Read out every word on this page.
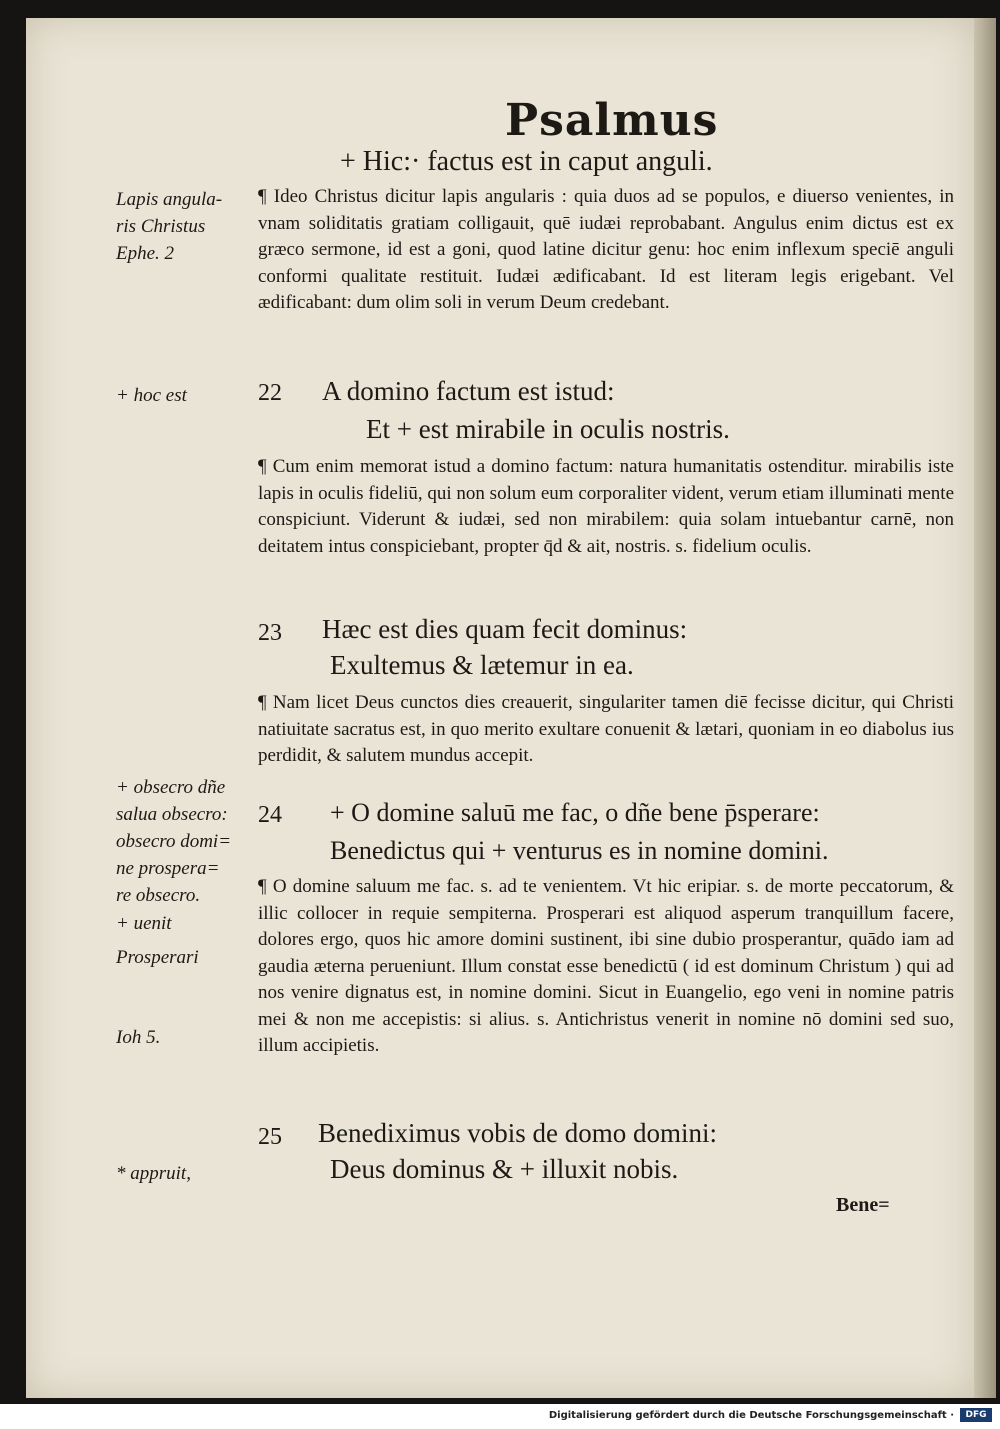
Psalmus
+ Hic:· factus est in caput anguli.
Lapis angula-
ris Christus
Ephe. 2
+ hoc est
+ obsecro dñe
salua obsecro:
obsecro domi=
ne prospera=
re obsecro.
+ uenit
Prosperari
Ioh 5.
* appruit,
¶ Ideo Christus dicitur lapis angularis : quia duos ad se populos, e diuerso venientes, in vnam soliditatis gratiam colligauit, quē iudæi reprobabant. Angulus enim dictus est ex græco sermone, id est a goni, quod latine dicitur genu: hoc enim inflexum speciē anguli conformi qualitate restituit. Iudæi ædificabant. Id est literam legis erigebant. Vel ædificabant: dum olim soli in verum Deum credebant.
22 A domino factum est istud:
Et + est mirabile in oculis nostris.
¶ Cum enim memorat istud a domino factum: natura humanitatis ostenditur. mirabilis iste lapis in oculis fideliū, qui non solum eum corporaliter vident, verum etiam illuminati mente conspiciunt. Viderunt & iudæi, sed non mirabilem: quia solam intuebantur carnē, non deitatem intus conspiciebant, propter q̄d & ait, nostris. s. fidelium oculis.
23 Hæc est dies quam fecit dominus:
Exultemus & lætemur in ea.
¶ Nam licet Deus cunctos dies creauerit, singulariter tamen diē fecisse dicitur, qui Christi natiuitate sacratus est, in quo merito exultare conuenit & lætari, quoniam in eo diabolus ius perdidit, & salutem mundus accepit.
24 + O domine saluū me fac, o dñe bene p̄sperare:
Benedictus qui + venturus es in nomine domini.
¶ O domine saluum me fac. s. ad te venientem. Vt hic eripiar. s. de morte peccatorum, & illic collocer in requie sempiterna. Prosperari est aliquod asperum tranquillum facere, dolores ergo, quos hic amore domini sustinent, ibi sine dubio prosperantur, quādo iam ad gaudia æterna perueniunt. Illum constat esse benedictū ( id est dominum Christum ) qui ad nos venire dignatus est, in nomine domini. Sicut in Euangelio, ego veni in nomine patris mei & non me accepistis: si alius. s. Antichristus venerit in nomine nō domini sed suo, illum accipietis.
25 Benediximus vobis de domo domini:
Deus dominus & + illuxit nobis.
Bene=
Digitalisierung gefördert durch die Deutsche Forschungsgemeinschaft ·	DFG
